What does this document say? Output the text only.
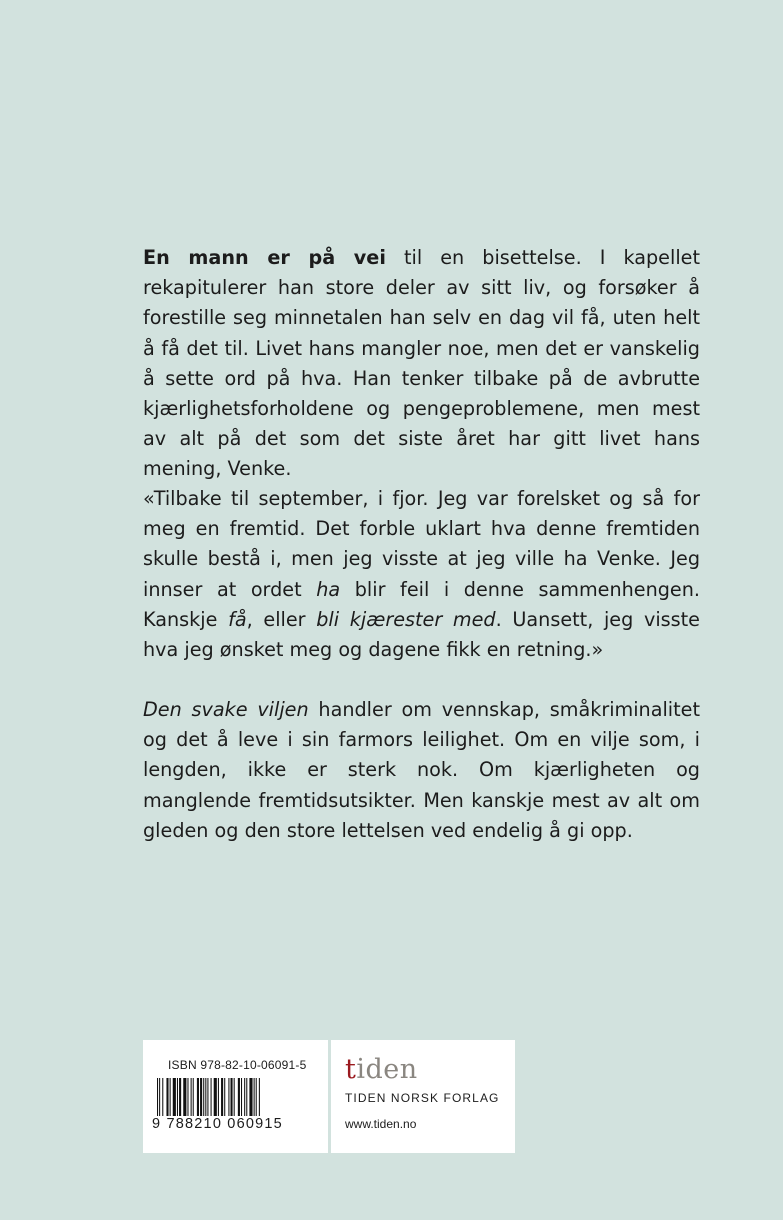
En mann er på vei til en bisettelse. I kapellet rekapitulerer han store deler av sitt liv, og forsøker å forestille seg minnetalen han selv en dag vil få, uten helt å få det til. Livet hans mangler noe, men det er vanskelig å sette ord på hva. Han tenker tilbake på de avbrutte kjærlighetsforholdene og pengeproblemene, men mest av alt på det som det siste året har gitt livet hans mening, Venke.
«Tilbake til september, i fjor. Jeg var forelsket og så for meg en fremtid. Det forble uklart hva denne fremtiden skulle bestå i, men jeg visste at jeg ville ha Venke. Jeg innser at ordet ha blir feil i denne sammenhengen. Kanskje få, eller bli kjærester med. Uansett, jeg visste hva jeg ønsket meg og dagene fikk en retning.»
Den svake viljen handler om vennskap, småkriminalitet og det å leve i sin farmors leilighet. Om en vilje som, i lengden, ikke er sterk nok. Om kjærligheten og manglende fremtidsutsikter. Men kanskje mest av alt om gleden og den store lettelsen ved endelig å gi opp.
ISBN 978-82-10-06091-5
9 788210 060915
tiden
TIDEN NORSK FORLAG
www.tiden.no
